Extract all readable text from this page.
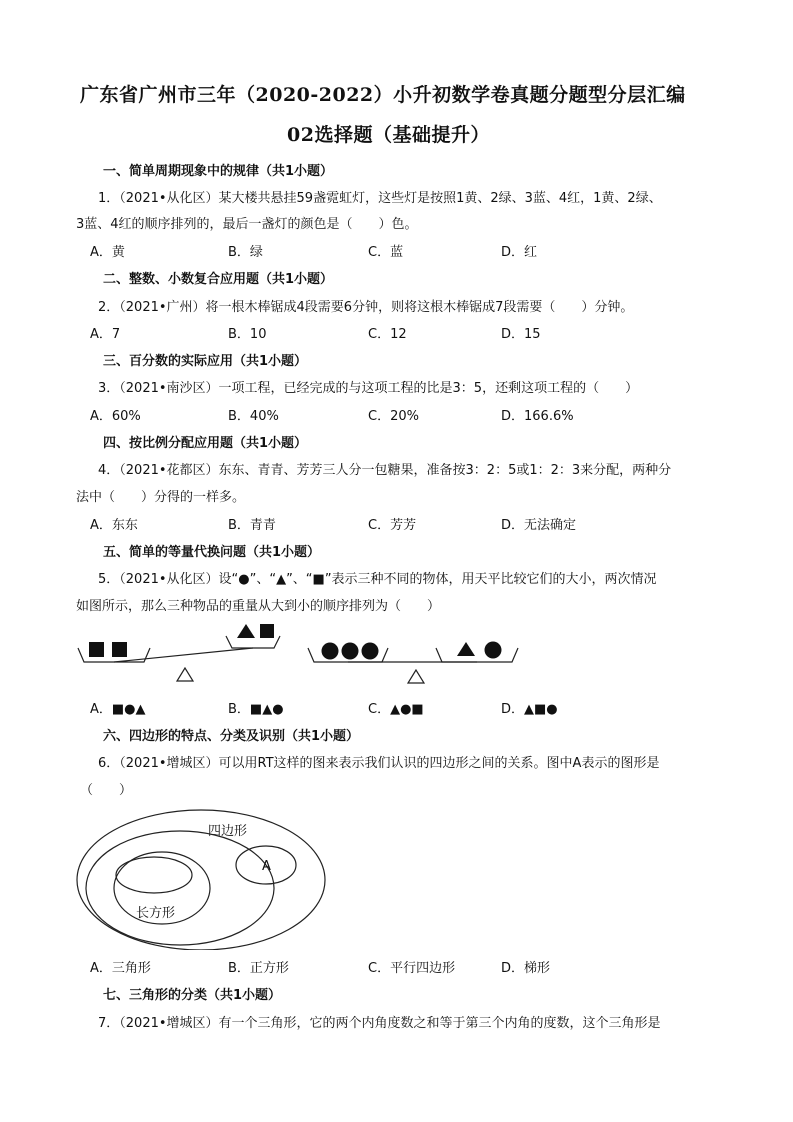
广东省广州市三年（2020-2022）小升初数学卷真题分题型分层汇编
02选择题（基础提升）
一、简单周期现象中的规律（共1小题）
1．（2021•从化区）某大楼共悬挂59盏霓虹灯，这些灯是按照1黄、2绿、3蓝、4红，1黄、2绿、
3蓝、4红的顺序排列的，最后一盏灯的颜色是（　　）色。
A．黄	B．绿	C．蓝	D．红
二、整数、小数复合应用题（共1小题）
2．（2021•广州）将一根木棒锯成4段需要6分钟，则将这根木棒锯成7段需要（　　）分钟。
A．7	B．10	C．12	D．15
三、百分数的实际应用（共1小题）
3．（2021•南沙区）一项工程，已经完成的与这项工程的比是3：5，还剩这项工程的（　　）
A．60%	B．40%	C．20%	D．166.6%
四、按比例分配应用题（共1小题）
4．（2021•花都区）东东、青青、芳芳三人分一包糖果，准备按3：2：5或1：2：3来分配，两种分
法中（　　）分得的一样多。
A．东东	B．青青	C．芳芳	D．无法确定
五、简单的等量代换问题（共1小题）
5．（2021•从化区）设“●”、“▲”、“■”表示三种不同的物体，用天平比较它们的大小，两次情况
如图所示，那么三种物品的重量从大到小的顺序排列为（　　）
A．■●▲	B．■▲●	C．▲●■	D．▲■●
六、四边形的特点、分类及识别（共1小题）
6．（2021•增城区）可以用RT这样的图来表示我们认识的四边形之间的关系。图中A表示的图形是
（　　）
四边形
长方形
A
A．三角形	B．正方形	C．平行四边形	D．梯形
七、三角形的分类（共1小题）
7．（2021•增城区）有一个三角形，它的两个内角度数之和等于第三个内角的度数，这个三角形是
